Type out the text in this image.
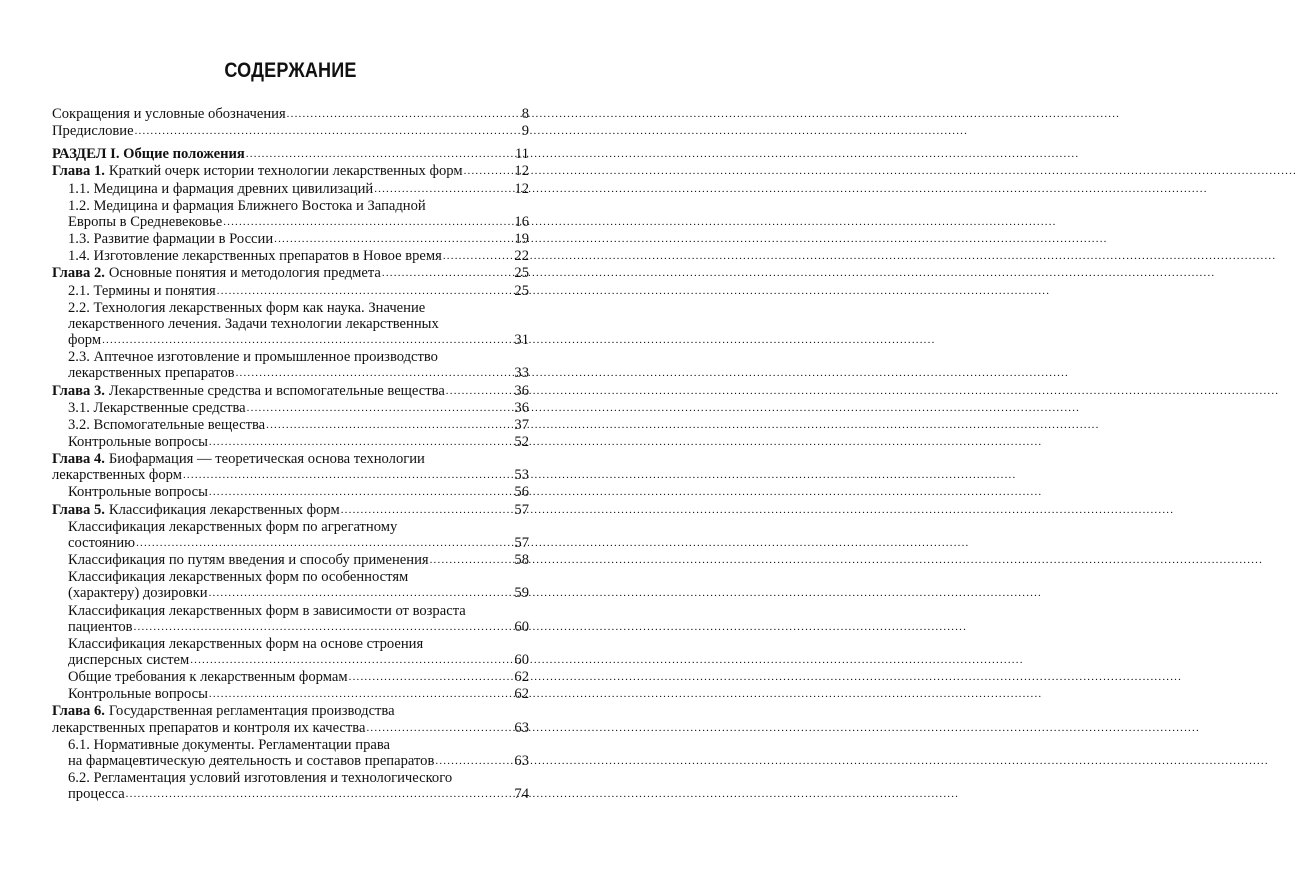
СОДЕРЖАНИЕ
Сокращения и условные обозначения .....	8
Предисловие .....	9
РАЗДЕЛ I. Общие положения .....	11
Глава 1. Краткий очерк истории технологии лекарственных форм .....	12
1.1. Медицина и фармация древних цивилизаций .....	12
1.2. Медицина и фармация Ближнего Востока и Западной
Европы в Средневековье .....	16
1.3. Развитие фармации в России .....	19
1.4. Изготовление лекарственных препаратов в Новое время .....	22
Глава 2. Основные понятия и методология предмета .....	25
2.1. Термины и понятия .....	25
2.2. Технология лекарственных форм как наука. Значение
лекарственного лечения. Задачи технологии лекарственных
форм .....	31
2.3. Аптечное изготовление и промышленное производство
лекарственных препаратов .....	33
Глава 3. Лекарственные средства и вспомогательные вещества .....	36
3.1. Лекарственные средства .....	36
3.2. Вспомогательные вещества .....	37
Контрольные вопросы .....	52
Глава 4. Биофармация — теоретическая основа технологии
лекарственных форм .....	53
Контрольные вопросы .....	56
Глава 5. Классификация лекарственных форм .....	57
Классификация лекарственных форм по агрегатному
состоянию .....	57
Классификация по путям введения и способу применения .....	58
Классификация лекарственных форм по особенностям
(характеру) дозировки .....	59
Классификация лекарственных форм в зависимости от возраста
пациентов .....	60
Классификация лекарственных форм на основе строения
дисперсных систем .....	60
Общие требования к лекарственным формам .....	62
Контрольные вопросы .....	62
Глава 6. Государственная регламентация производства
лекарственных препаратов и контроля их качества .....	63
6.1. Нормативные документы. Регламентации права
на фармацевтическую деятельность и составов препаратов .....	63
6.2. Регламентация условий изготовления и технологического
процесса .....	74
